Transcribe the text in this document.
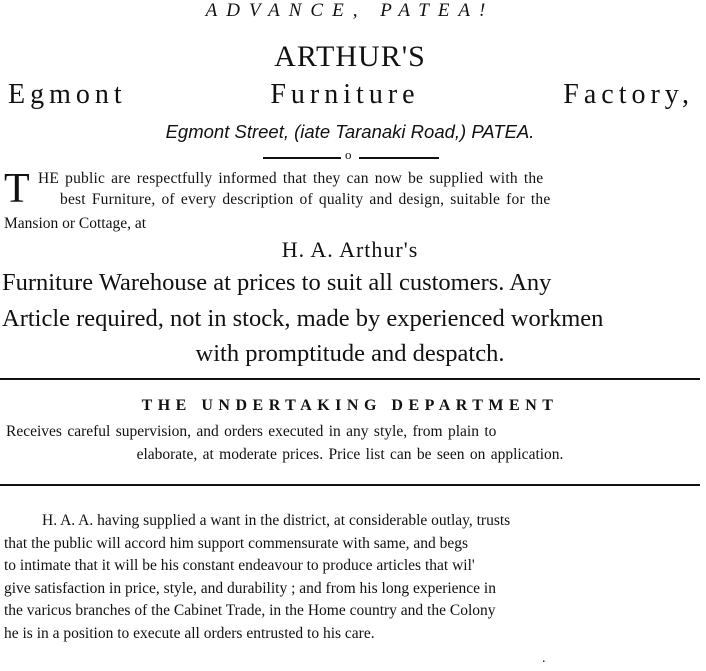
ADVANCE, PATEA!
ARTHUR'S
Egmont	Furniture	Factory,
Egmont Street, (iate Taranaki Road,) PATEA.
o
T HE public are respectfully informed that they can now be supplied with the
best Furniture, of every description of quality and design, suitable for the
Mansion or Cottage, at
H. A. Arthur's
Furniture Warehouse at prices to suit all customers. Any
Article required, not in stock, made by experienced workmen
with promptitude and despatch.
THE UNDERTAKING DEPARTMENT
Receives careful supervision, and orders executed in any style, from plain to
elaborate, at moderate prices. Price list can be seen on application.
H. A. A. having supplied a want in the district, at considerable outlay, trusts
that the public will accord him support commensurate with same, and begs
to intimate that it will be his constant endeavour to produce articles that wil'
give satisfaction in price, style, and durability ; and from his long experience in
the varicυs branches of the Cabinet Trade, in the Home country and the Colony
he is in a position to execute all orders entrusted to his care.
.
